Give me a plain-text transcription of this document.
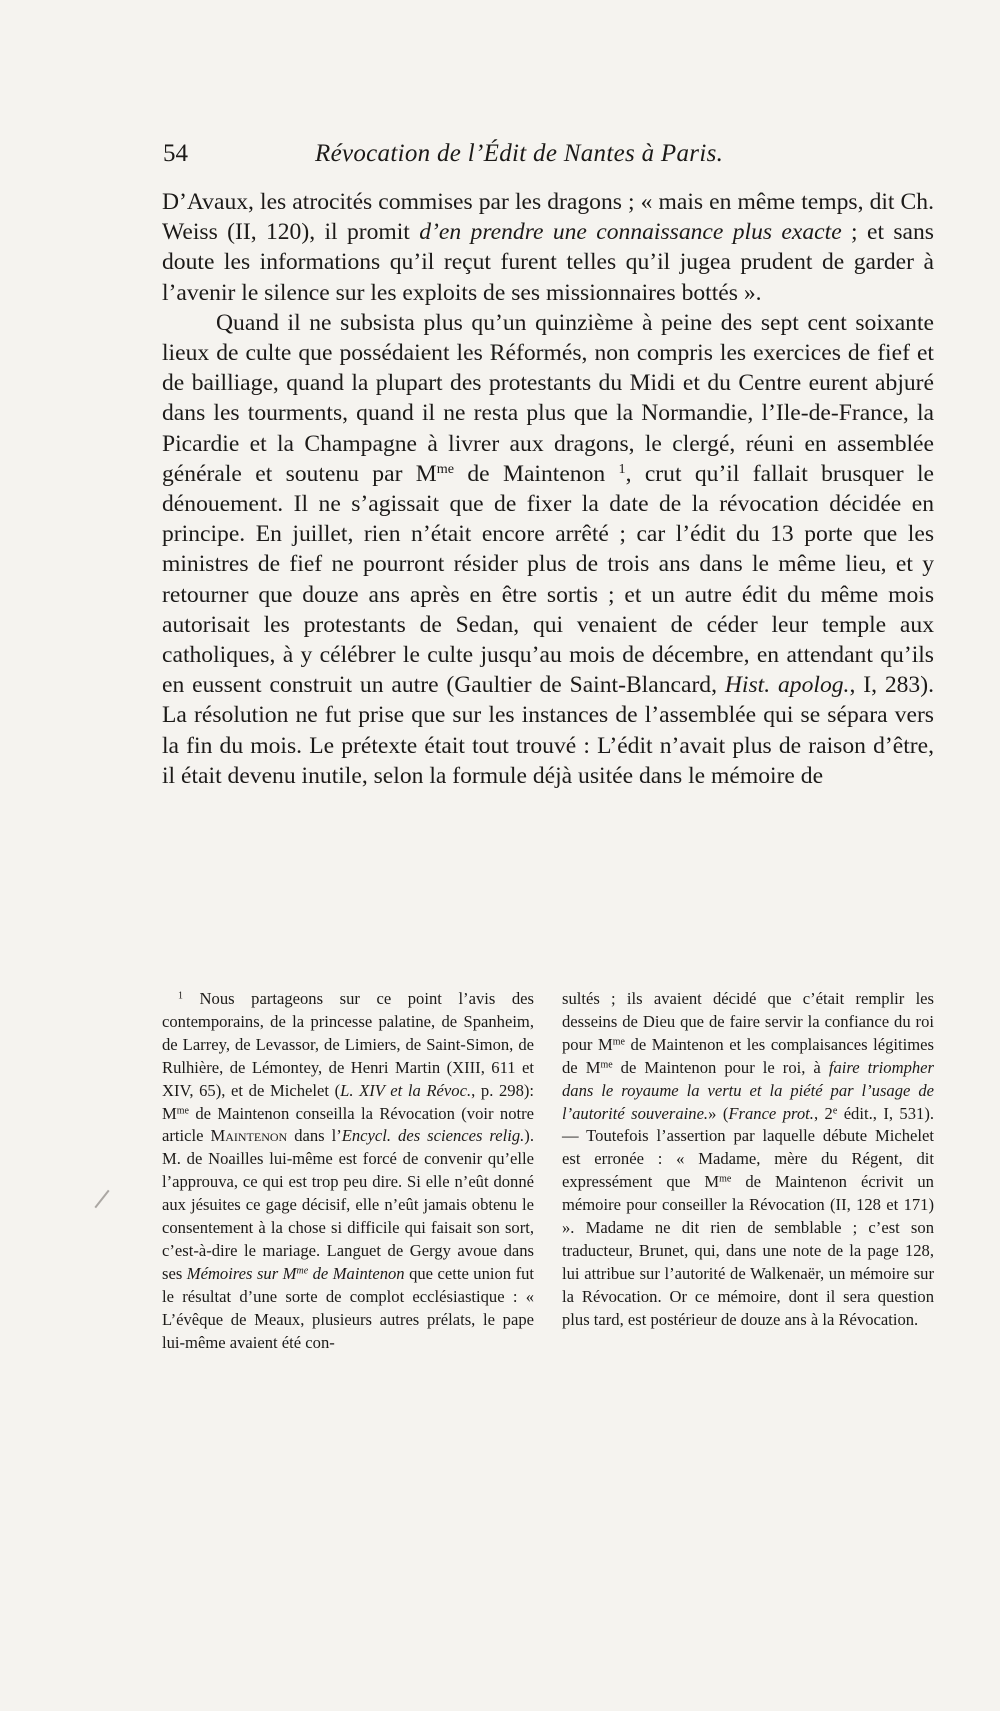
54	Révocation de l’Édit de Nantes à Paris.

D’Avaux, les atrocités commises par les dragons ; « mais en même temps, dit Ch. Weiss (II, 120), il promit d’en prendre une connaissance plus exacte ; et sans doute les informations qu’il reçut furent telles qu’il jugea prudent de garder à l’avenir le silence sur les exploits de ses missionnaires bottés ».

Quand il ne subsista plus qu’un quinzième à peine des sept cent soixante lieux de culte que possédaient les Réformés, non compris les exercices de fief et de bailliage, quand la plupart des protestants du Midi et du Centre eurent abjuré dans les tourments, quand il ne resta plus que la Normandie, l’Ile-de-France, la Picardie et la Champagne à livrer aux dragons, le clergé, réuni en assemblée générale et soutenu par $M^{me}$ de Maintenon $^1$, crut qu’il fallait brusquer le dénouement. Il ne s’agissait que de fixer la date de la révocation décidée en principe. En juillet, rien n’était encore arrêté ; car l’édit du 13 porte que les ministres de fief ne pourront résider plus de trois ans dans le même lieu, et y retourner que douze ans après en être sortis ; et un autre édit du même mois autorisait les protestants de Sedan, qui venaient de céder leur temple aux catholiques, à y célébrer le culte jusqu’au mois de décembre, en attendant qu’ils en eussent construit un autre (Gaultier de Saint-Blancard, Hist. apolog., I, 283). La résolution ne fut prise que sur les instances de l’assemblée qui se sépara vers la fin du mois. Le prétexte était tout trouvé : L’édit n’avait plus de raison d’être, il était devenu inutile, selon la formule déjà usitée dans le mémoire de

$^1$ Nous partageons sur ce point l’avis des contemporains, de la princesse palatine, de Spanheim, de Larrey, de Levassor, de Limiers, de Saint-Simon, de Rulhière, de Lémontey, de Henri Martin (XIII, 611 et XIV, 65), et de Michelet (L. XIV et la Révoc., p. 298): $M^{me}$ de Maintenon conseilla la Révocation (voir notre article Maintenon dans l’Encycl. des sciences relig.). M. de Noailles lui-même est forcé de convenir qu’elle l’approuva, ce qui est trop peu dire. Si elle n’eût donné aux jésuites ce gage décisif, elle n’eût jamais obtenu le consentement à la chose si difficile qui faisait son sort, c’est-à-dire le mariage. Languet de Gergy avoue dans ses Mémoires sur $M^{me}$ de Maintenon que cette union fut le résultat d’une sorte de complot ecclésiastique : « L’évêque de Meaux, plusieurs autres prélats, le pape lui-même avaient été con-

sultés ; ils avaient décidé que c’était remplir les desseins de Dieu que de faire servir la confiance du roi pour $M^{me}$ de Maintenon et les complaisances légitimes de $M^{me}$ de Maintenon pour le roi, à faire triompher dans le royaume la vertu et la piété par l’usage de l’autorité souveraine.» (France prot., 2e édit., I, 531). — Toutefois l’assertion par laquelle débute Michelet est erronée : « Madame, mère du Régent, dit expressément que $M^{me}$ de Maintenon écrivit un mémoire pour conseiller la Révocation (II, 128 et 171) ». Madame ne dit rien de semblable ; c’est son traducteur, Brunet, qui, dans une note de la page 128, lui attribue sur l’autorité de Walkenaër, un mémoire sur la Révocation. Or ce mémoire, dont il sera question plus tard, est postérieur de douze ans à la Révocation.
